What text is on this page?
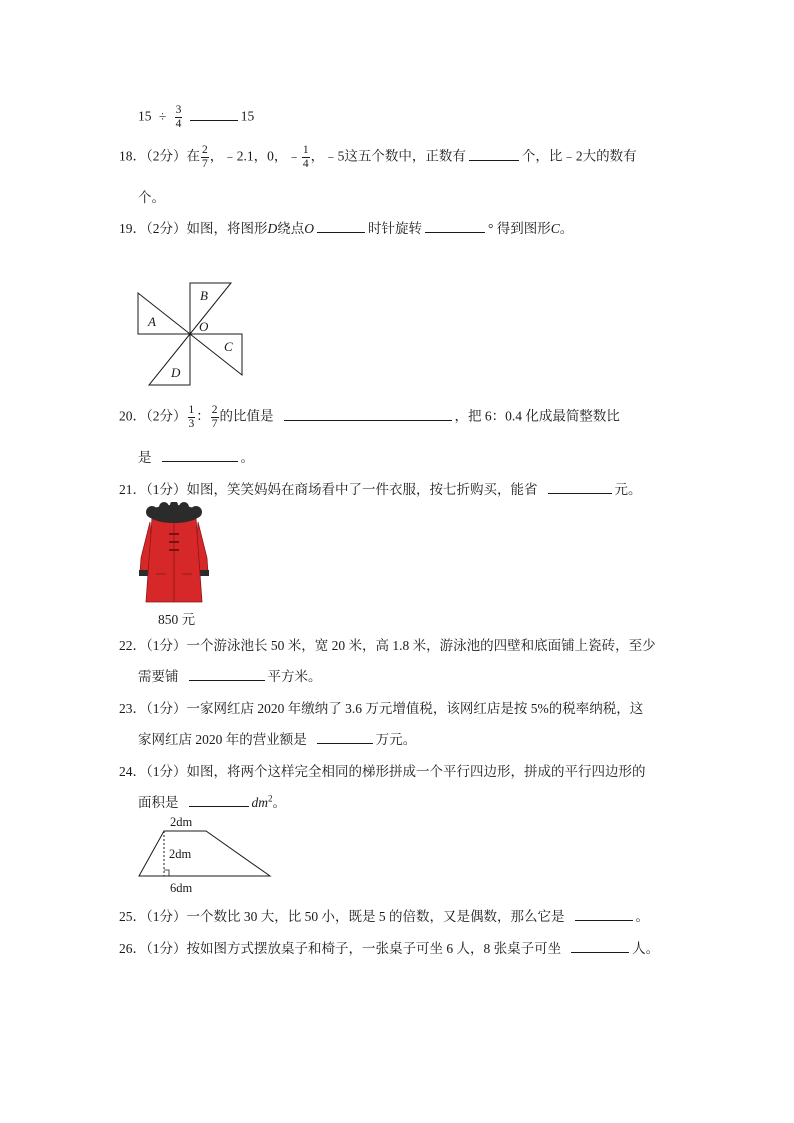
$15 \div \frac{3}{4}$	15
18．（2分）在 $\frac{2}{7}$ ，﹣2.1，0，﹣ $\frac{1}{4}$ ，﹣5这五个数中，正数有	个，比﹣2大的数有
个。
19．（2分）如图，将图形D绕点O	时针旋转	° 得到图形C。
A
B
O
C
D
20．（2分） $\frac{1}{3}$ ： $\frac{2}{7}$ 的比值是	，把 6：0.4 化成最简整数比
是	。
21．（1分）如图，笑笑妈妈在商场看中了一件衣服，按七折购买，能省	元。
850 元
22．（1分）一个游泳池长 50 米，宽 20 米，高 1.8 米，游泳池的四壁和底面铺上瓷砖，至少
需要铺	平方米。
23．（1分）一家网红店 2020 年缴纳了 3.6 万元增值税，该网红店是按 5%的税率纳税，这
家网红店 2020 年的营业额是	万元。
24．（1分）如图，将两个这样完全相同的梯形拼成一个平行四边形，拼成的平行四边形的
面积是	$dm^2$。
2dm
2dm
6dm
25．（1分）一个数比 30 大，比 50 小，既是 5 的倍数，又是偶数，那么它是	。
26．（1分）按如图方式摆放桌子和椅子，一张桌子可坐 6 人，8 张桌子可坐	人。
